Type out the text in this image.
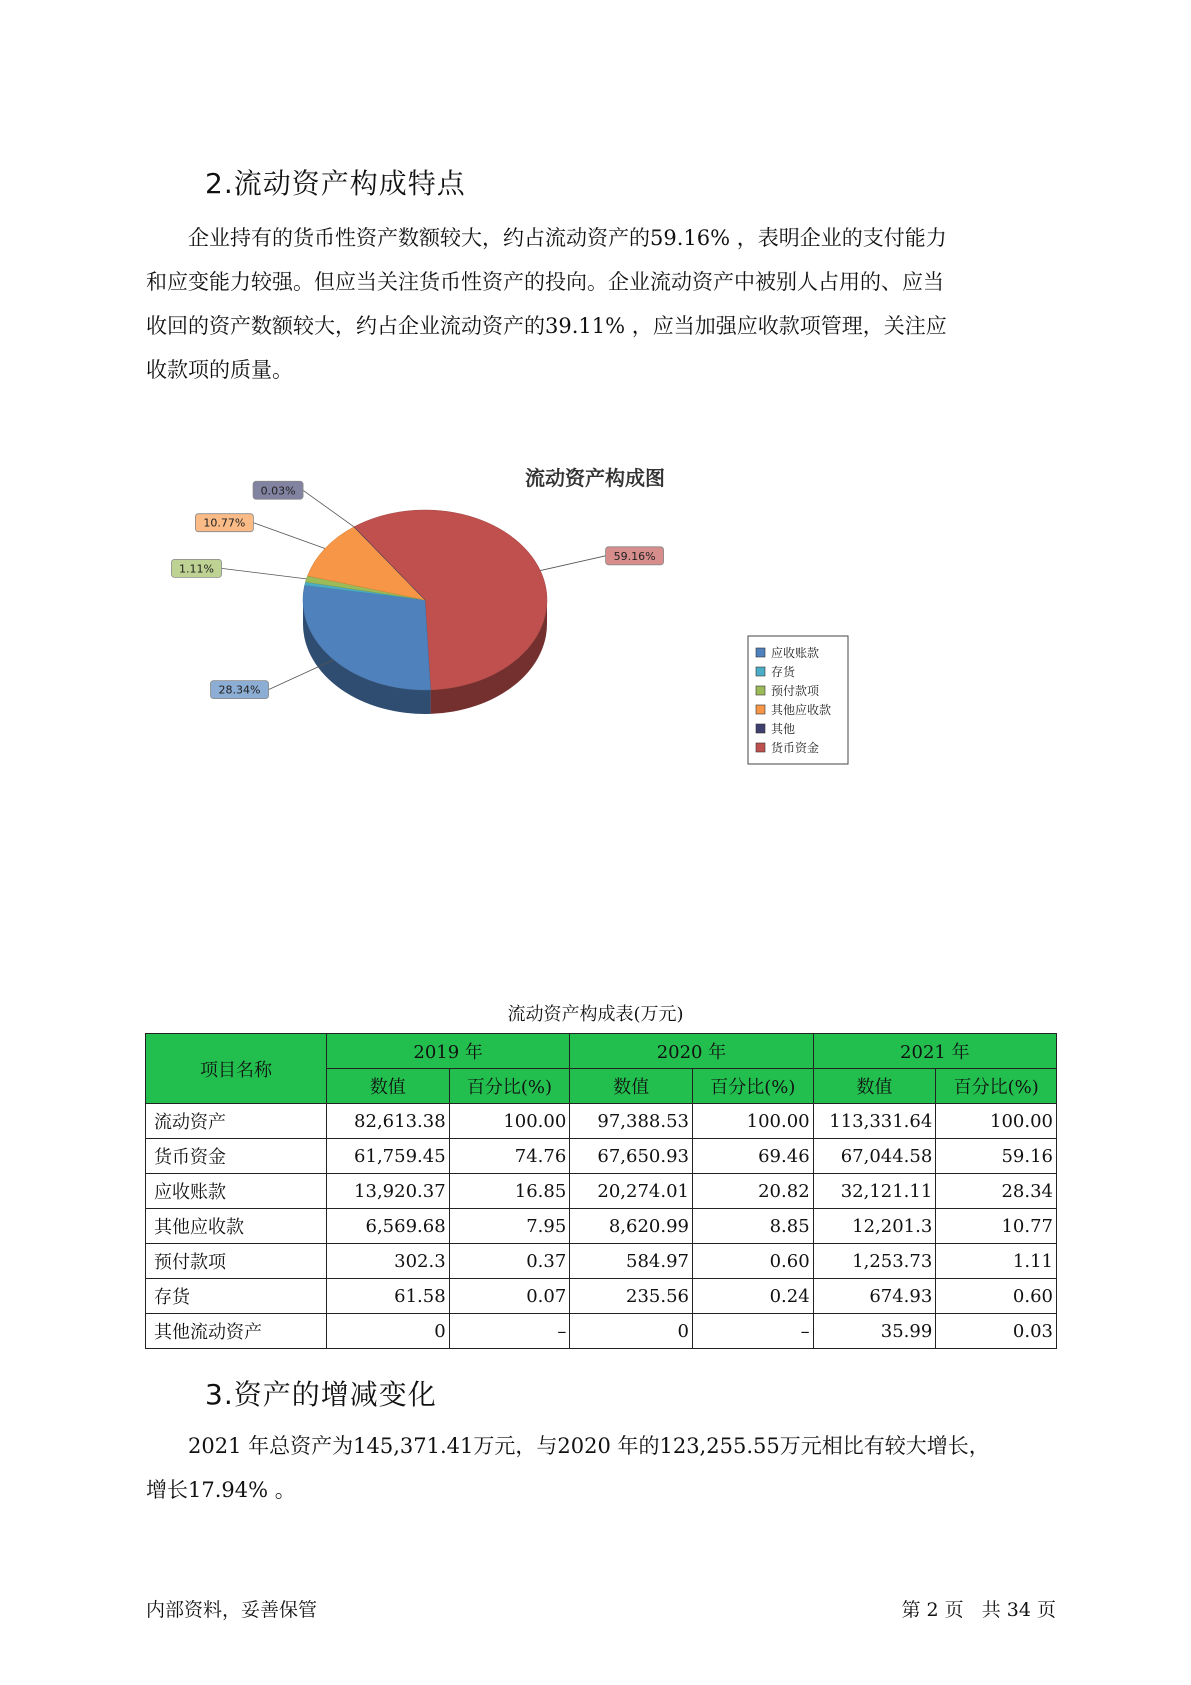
2.流动资产构成特点
企业持有的货币性资产数额较大，约占流动资产的59.16% ，表明企业的支付能力
和应变能力较强。但应当关注货币性资产的投向。企业流动资产中被别人占用的、应当
收回的资产数额较大，约占企业流动资产的39.11% ，应当加强应收款项管理，关注应
收款项的质量。
流动资产构成图
59.16%
28.34%
1.11%
10.77%
0.03%
应收账款
存货
预付款项
其他应收款
其他
货币资金
流动资产构成表(万元)
项目名称	2019 年		2020 年		2021 年	
	数值	百分比(%)	数值	百分比(%)	数值	百分比(%)
流动资产	82,613.38	100.00	97,388.53	100.00	113,331.64	100.00
货币资金	61,759.45	74.76	67,650.93	69.46	67,044.58	59.16
应收账款	13,920.37	16.85	20,274.01	20.82	32,121.11	28.34
其他应收款	6,569.68	7.95	8,620.99	8.85	12,201.3	10.77
预付款项	302.3	0.37	584.97	0.60	1,253.73	1.11
存货	61.58	0.07	235.56	0.24	674.93	0.60
其他流动资产	0	–	0	–	35.99	0.03
3.资产的增减变化
2021 年总资产为145,371.41万元，与2020 年的123,255.55万元相比有较大增长，
增长17.94% 。
内部资料，妥善保管	第 2 页   共 34 页
